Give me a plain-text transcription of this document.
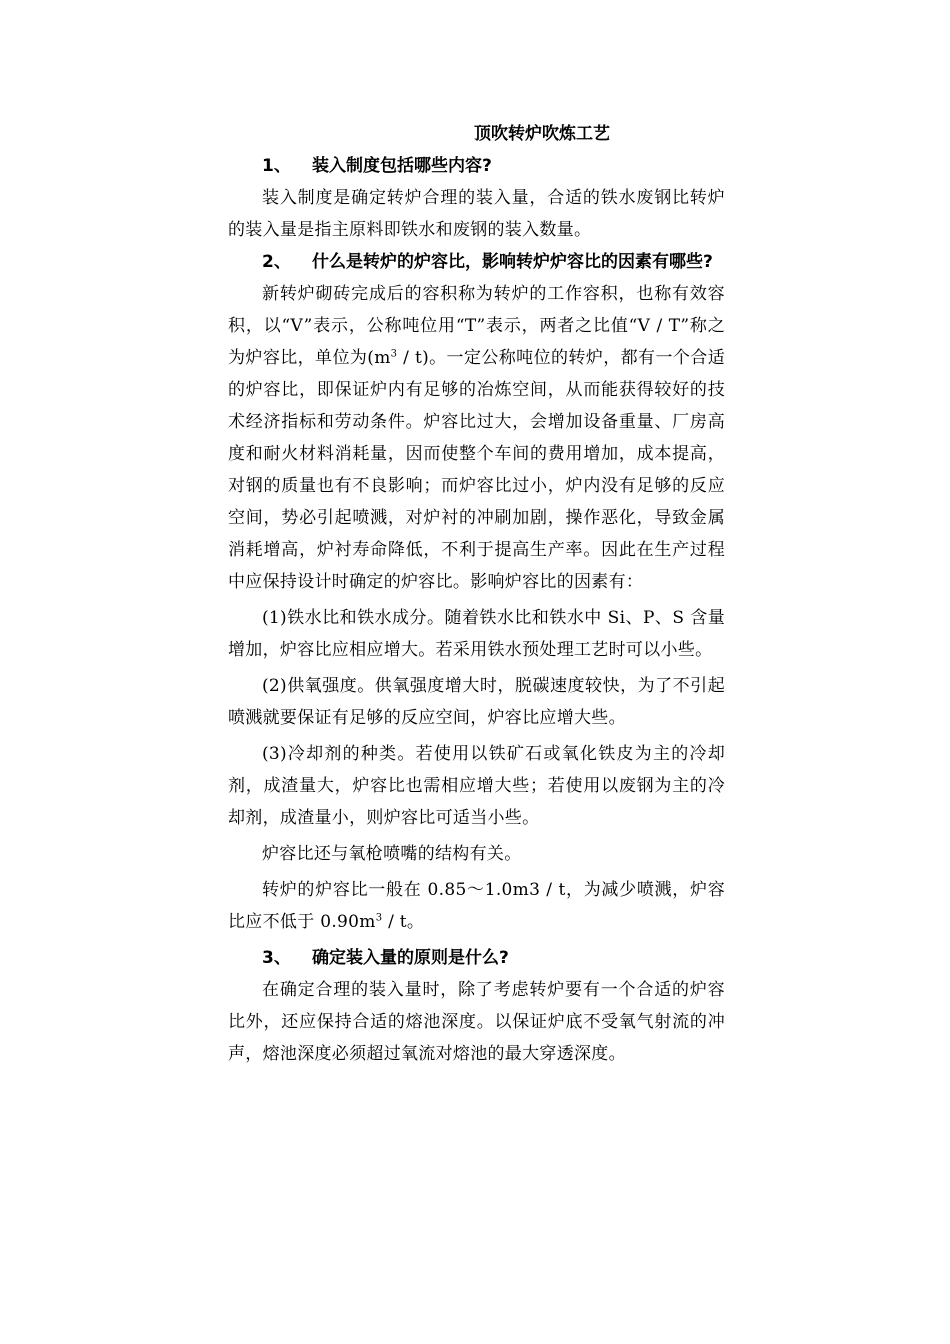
顶吹转炉吹炼工艺

1、 装入制度包括哪些内容?

装入制度是确定转炉合理的装入量，合适的铁水废钢比转炉的装入量是指主原料即铁水和废钢的装入数量。

2、 什么是转炉的炉容比，影响转炉炉容比的因素有哪些?

新转炉砌砖完成后的容积称为转炉的工作容积，也称有效容积，以“V”表示，公称吨位用“T”表示，两者之比值“V / T”称之为炉容比，单位为$(m^3 / t)$。一定公称吨位的转炉，都有一个合适的炉容比，即保证炉内有足够的冶炼空间，从而能获得较好的技术经济指标和劳动条件。炉容比过大，会增加设备重量、厂房高度和耐火材料消耗量，因而使整个车间的费用增加，成本提高，对钢的质量也有不良影响；而炉容比过小，炉内没有足够的反应空间，势必引起喷溅，对炉衬的冲刷加剧，操作恶化，导致金属消耗增高，炉衬寿命降低，不利于提高生产率。因此在生产过程中应保持设计时确定的炉容比。影响炉容比的因素有：

(1)铁水比和铁水成分。随着铁水比和铁水中 Si、P、S 含量增加，炉容比应相应增大。若采用铁水预处理工艺时可以小些。

(2)供氧强度。供氧强度增大时，脱碳速度较快，为了不引起喷溅就要保证有足够的反应空间，炉容比应增大些。

(3)冷却剂的种类。若使用以铁矿石或氧化铁皮为主的冷却剂，成渣量大，炉容比也需相应增大些；若使用以废钢为主的冷却剂，成渣量小，则炉容比可适当小些。

炉容比还与氧枪喷嘴的结构有关。

转炉的炉容比一般在 0.85～1.0m3 / t，为减少喷溅，炉容比应不低于 $0.90m^3$ / t。

3、 确定装入量的原则是什么?

在确定合理的装入量时，除了考虑转炉要有一个合适的炉容比外，还应保持合适的熔池深度。以保证炉底不受氧气射流的冲声，熔池深度必须超过氧流对熔池的最大穿透深度。
